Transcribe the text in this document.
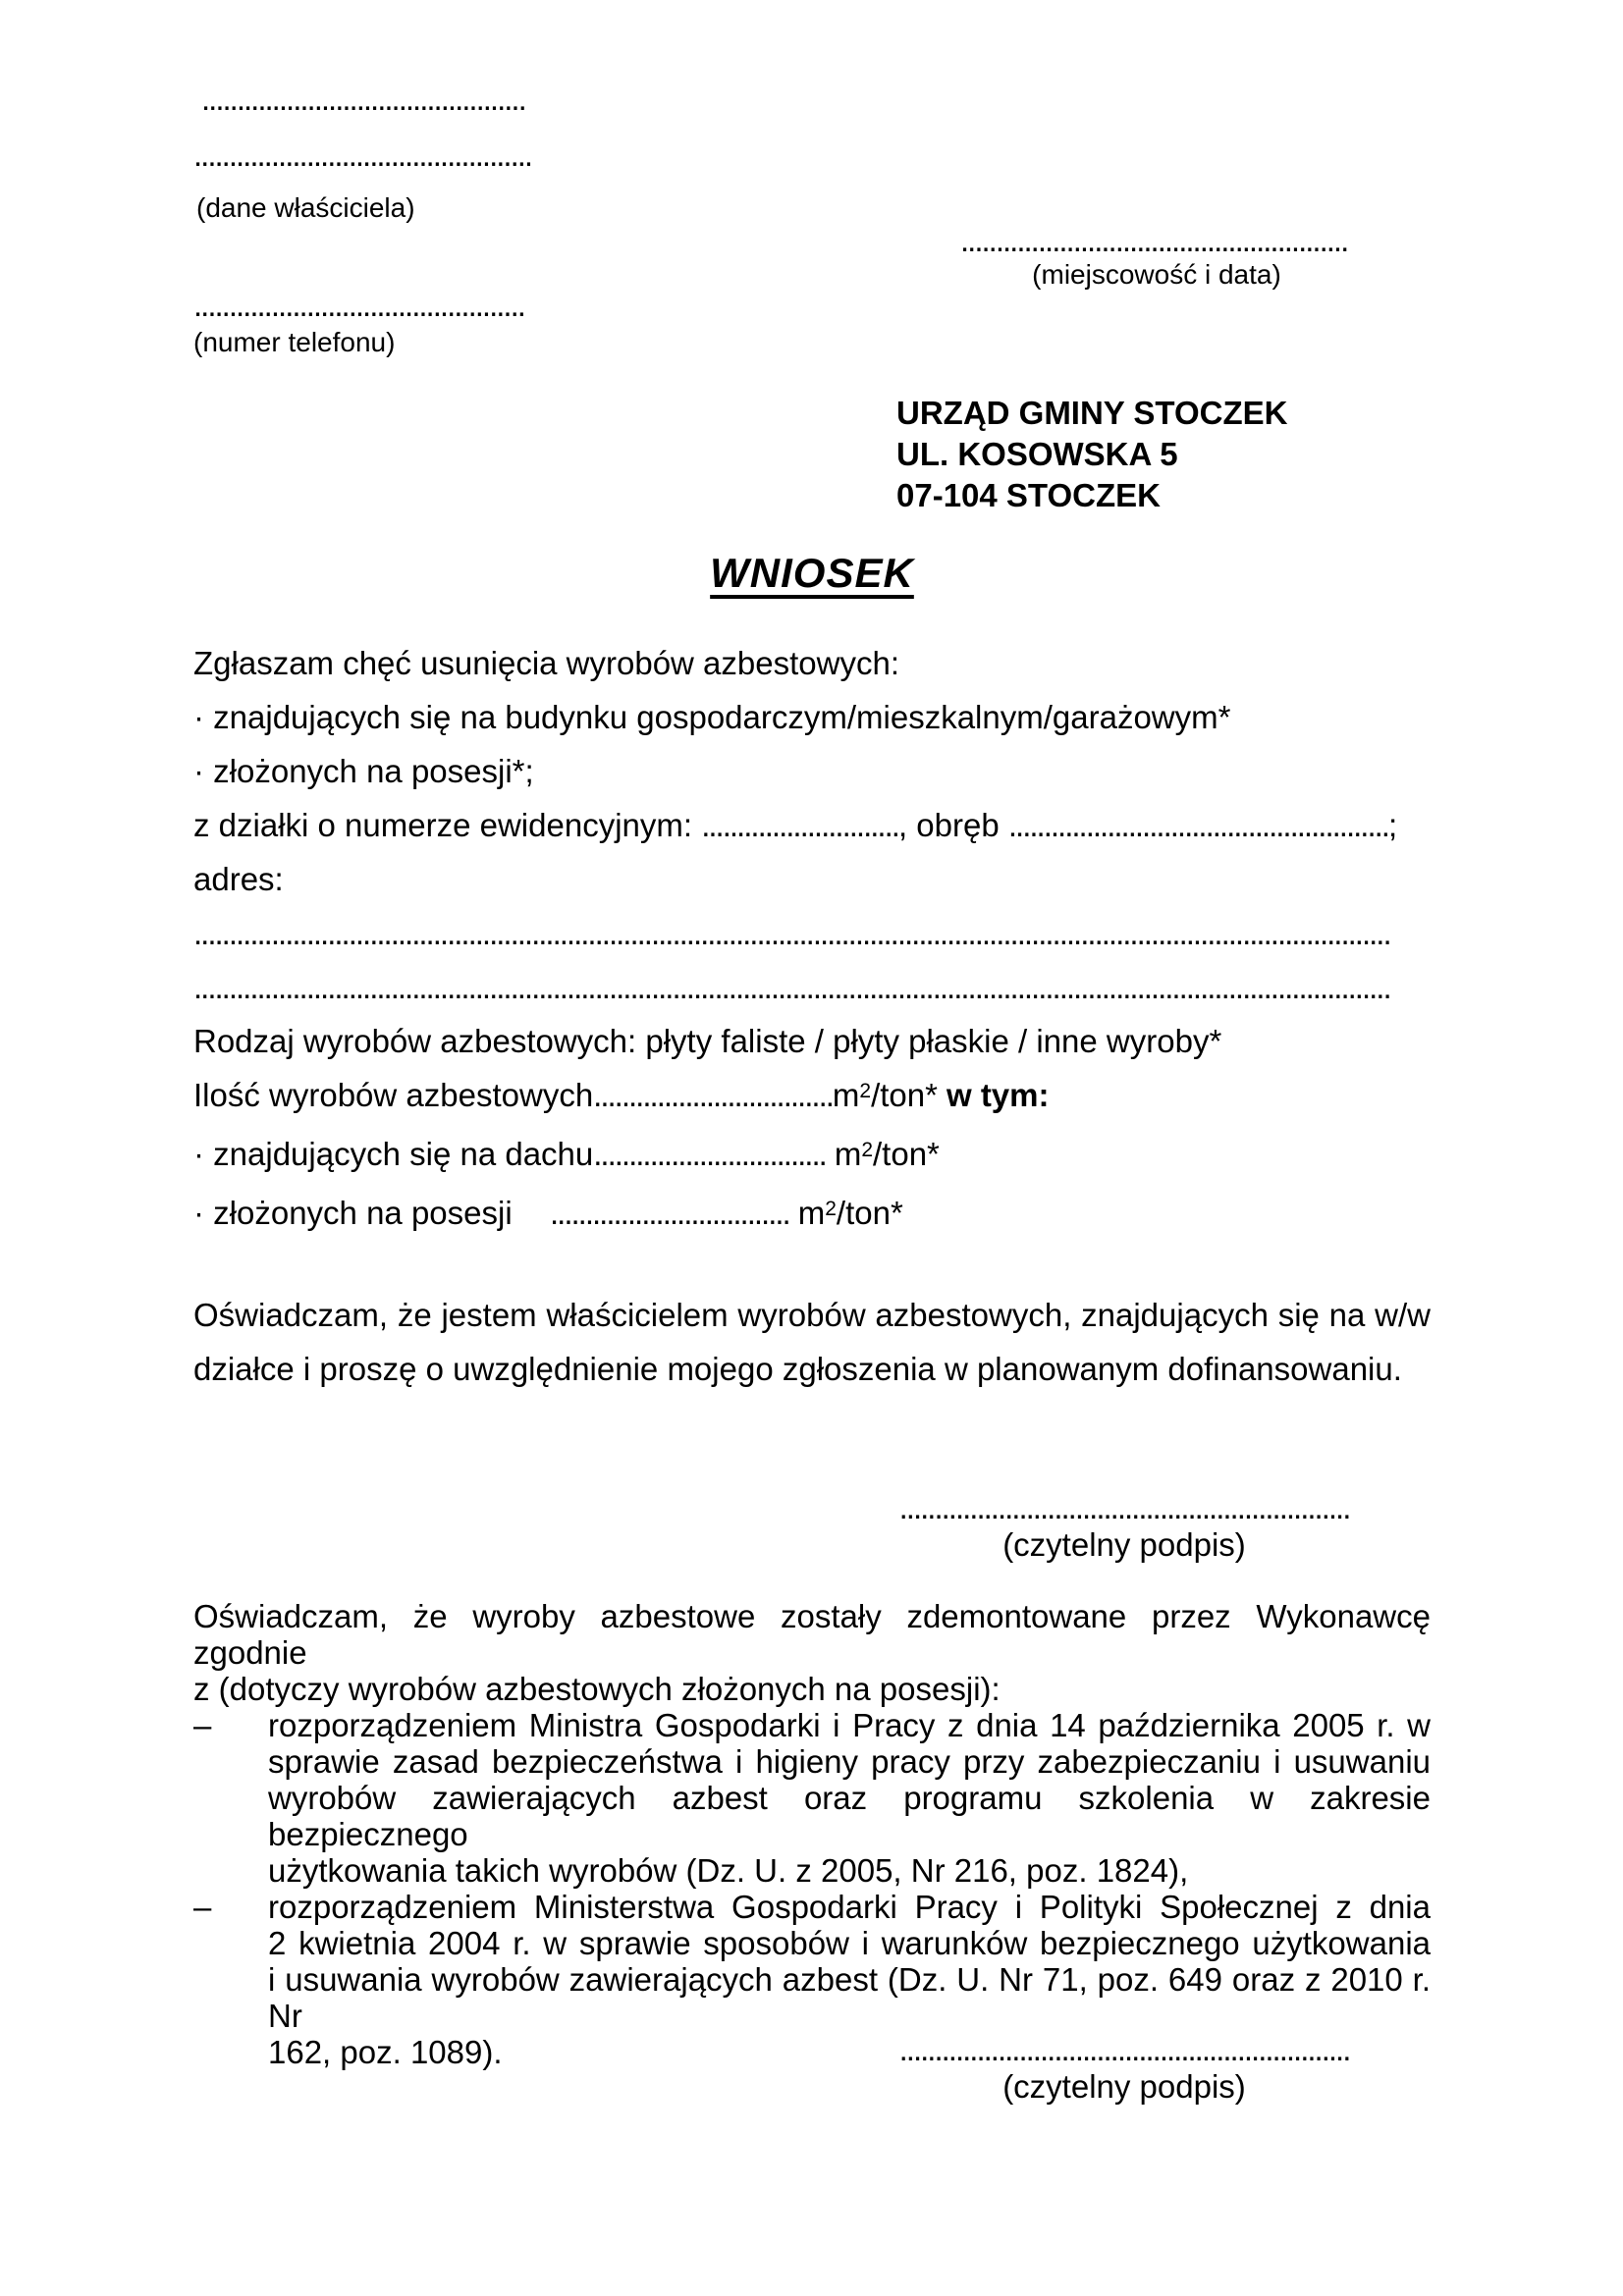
..............................................
................................................
(dane właściciela)
.......................................................
(miejscowość i data)
...............................................
(numer telefonu)
URZĄD GMINY STOCZEK
UL. KOSOWSKA 5
07-104 STOCZEK
WNIOSEK
Zgłaszam chęć usunięcia wyrobów azbestowych:
· znajdujących się na budynku gospodarczym/mieszkalnym/garażowym*
· złożonych na posesji*;
z działki o numerze ewidencyjnym: ............................, obręb ......................................................;
adres:
..........................................................................................................................................................................
..........................................................................................................................................................................
Rodzaj wyrobów azbestowych: płyty faliste / płyty płaskie / inne wyroby*
Ilość wyrobów $azbestowych..................................m^2/ton*$ w tym:
· znajdujących się na dachu................................. $m^2/ton*$
· złożonych na posesji .................................. $m^2/ton*$
Oświadczam, że jestem właścicielem wyrobów azbestowych, znajdujących się na w/w
działce i proszę o uwzględnienie mojego zgłoszenia w planowanym dofinansowaniu.
................................................................
(czytelny podpis)
Oświadczam, że wyroby azbestowe zostały zdemontowane przez Wykonawcę zgodnie
z (dotyczy wyrobów azbestowych złożonych na posesji):
– rozporządzeniem Ministra Gospodarki i Pracy z dnia 14 października 2005 r. w
sprawie zasad bezpieczeństwa i higieny pracy przy zabezpieczaniu i usuwaniu
wyrobów zawierających azbest oraz programu szkolenia w zakresie bezpiecznego
użytkowania takich wyrobów (Dz. U. z 2005, Nr 216, poz. 1824),
– rozporządzeniem Ministerstwa Gospodarki Pracy i Polityki Społecznej z dnia
2 kwietnia 2004 r. w sprawie sposobów i warunków bezpiecznego użytkowania
i usuwania wyrobów zawierających azbest (Dz. U. Nr 71, poz. 649 oraz z 2010 r. Nr
162, poz. 1089).	................................................................
(czytelny podpis)
